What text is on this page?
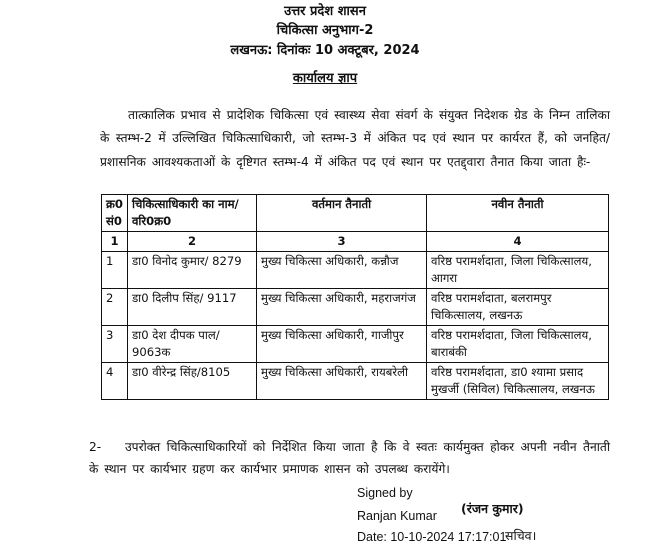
उत्तर प्रदेश शासन
चिकित्सा अनुभाग-2
लखनऊ: दिनांकः 10 अक्टूबर, 2024
कार्यालय ज्ञाप
तात्कालिक प्रभाव से प्रादेशिक चिकित्सा एवं स्वास्थ्य सेवा संवर्ग के संयुक्त निदेशक ग्रेड के निम्न तालिका के स्तम्भ-2 में उल्लिखित चिकित्साधिकारी, जो स्तम्भ-3 में अंकित पद एवं स्थान पर कार्यरत हैं, को जनहित/ प्रशासनिक आवश्यकताओं के दृष्टिगत स्तम्भ-4 में अंकित पद एवं स्थान पर एतद्द्वारा तैनात किया जाता हैः-
क्र0 सं0	चिकित्साधिकारी का नाम/ वरि0क्र0	वर्तमान तैनाती	नवीन तैनाती
1	2	3	4
1	डा0 विनोद कुमार/ 8279	मुख्य चिकित्सा अधिकारी, कन्नौज	वरिष्ठ परामर्शदाता, जिला चिकित्सालय, आगरा
2	डा0 दिलीप सिंह/ 9117	मुख्य चिकित्सा अधिकारी, महराजगंज	वरिष्ठ परामर्शदाता, बलरामपुर चिकित्सालय, लखनऊ
3	डा0 देश दीपक पाल/ 9063क	मुख्य चिकित्सा अधिकारी, गाजीपुर	वरिष्ठ परामर्शदाता, जिला चिकित्सालय, बाराबंकी
4	डा0 वीरेन्द्र सिंह/8105	मुख्य चिकित्सा अधिकारी, रायबरेली	वरिष्ठ परामर्शदाता, डा0 श्यामा प्रसाद मुखर्जी (सिविल) चिकित्सालय, लखनऊ
2- उपरोक्त चिकित्साधिकारियों को निर्देशित किया जाता है कि वे स्वतः कार्यमुक्त होकर अपनी नवीन तैनाती के स्थान पर कार्यभार ग्रहण कर कार्यभार प्रमाणक शासन को उपलब्ध करायेंगे।
Signed by
Ranjan Kumar
Date: 10-10-2024 17:17:01
(रंजन कुमार)
सचिव।
